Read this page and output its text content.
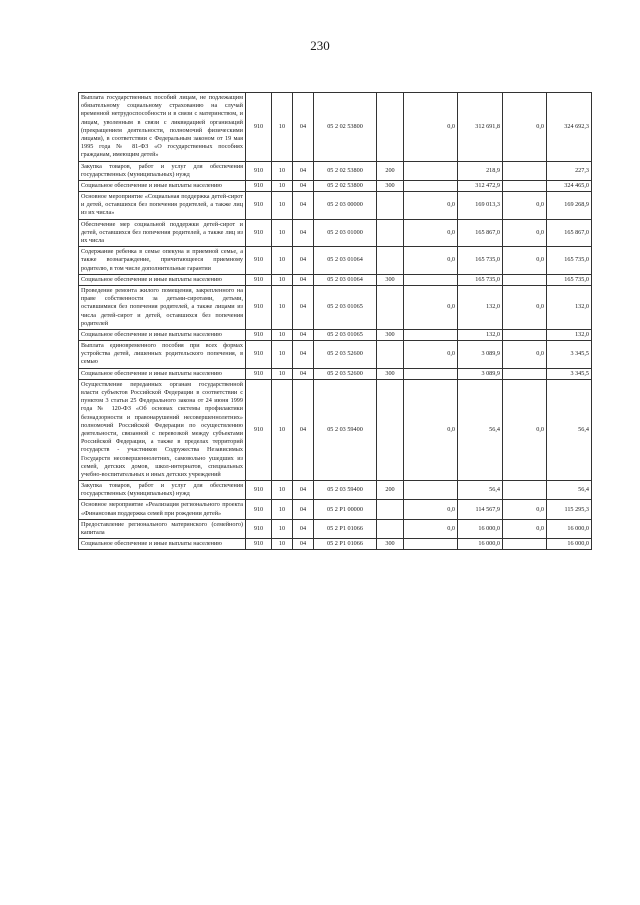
230
Выплата государственных пособий лицам, не подлежащим обязательному социальному страхованию на случай временной нетрудоспособности и в связи с материнством, и лицам, уволенным в связи с ликвидацией организаций (прекращением деятельности, полномочий физическими лицами), в соответствии с Федеральным законом от 19 мая 1995 года № 81-ФЗ «О государственных пособиях гражданам, имеющим детей»	910	10	04	05 2 02 53800		0,0	312 691,8	0,0	324 692,3
Закупка товаров, работ и услуг для обеспечения государственных (муниципальных) нужд	910	10	04	05 2 02 53800	200		218,9		227,3
Социальное обеспечение и иные выплаты населению	910	10	04	05 2 02 53800	300		312 472,9		324 465,0
Основное мероприятие «Социальная поддержка детей-сирот и детей, оставшихся без попечения родителей, а также лиц из их числа»	910	10	04	05 2 03 00000		0,0	169 013,3	0,0	169 268,9
Обеспечение мер социальной поддержки детей-сирот и детей, оставшихся без попечения родителей, а также лиц из их числа	910	10	04	05 2 03 01000		0,0	165 867,0	0,0	165 867,0
Содержание ребенка в семье опекуна и приемной семье, а также вознаграждение, причитающееся приемному родителю, в том числе дополнительные гарантии	910	10	04	05 2 03 01064		0,0	165 735,0	0,0	165 735,0
Социальное обеспечение и иные выплаты населению	910	10	04	05 2 03 01064	300		165 735,0		165 735,0
Проведение ремонта жилого помещения, закрепленного на праве собственности за детьми-сиротами, детьми, оставшимися без попечения родителей, а также лицами из числа детей-сирот и детей, оставшихся без попечения родителей	910	10	04	05 2 03 01065		0,0	132,0	0,0	132,0
Социальное обеспечение и иные выплаты населению	910	10	04	05 2 03 01065	300		132,0		132,0
Выплата единовременного пособия при всех формах устройства детей, лишенных родительского попечения, в семью	910	10	04	05 2 03 52600		0,0	3 089,9	0,0	3 345,5
Социальное обеспечение и иные выплаты населению	910	10	04	05 2 03 52600	300		3 089,9		3 345,5
Осуществление переданных органам государственной власти субъектов Российской Федерации в соответствии с пунктом 3 статьи 25 Федерального закона от 24 июня 1999 года № 120-ФЗ «Об основах системы профилактики безнадзорности и правонарушений несовершеннолетних» полномочий Российской Федерации по осуществлению деятельности, связанной с перевозкой между субъектами Российской Федерации, а также в пределах территорий государств - участников Содружества Независимых Государств несовершеннолетних, самовольно ушедших из семей, детских домов, школ-интернатов, специальных учебно-воспитательных и иных детских учреждений	910	10	04	05 2 03 59400		0,0	56,4	0,0	56,4
Закупка товаров, работ и услуг для обеспечения государственных (муниципальных) нужд	910	10	04	05 2 03 59400	200		56,4		56,4
Основное мероприятие «Реализация регионального проекта «Финансовая поддержка семей при рождении детей»	910	10	04	05 2 P1 00000		0,0	114 567,9	0,0	115 295,3
Предоставление регионального материнского (семейного) капитала	910	10	04	05 2 P1 01066		0,0	16 000,0	0,0	16 000,0
Социальное обеспечение и иные выплаты населению	910	10	04	05 2 P1 01066	300		16 000,0		16 000,0
